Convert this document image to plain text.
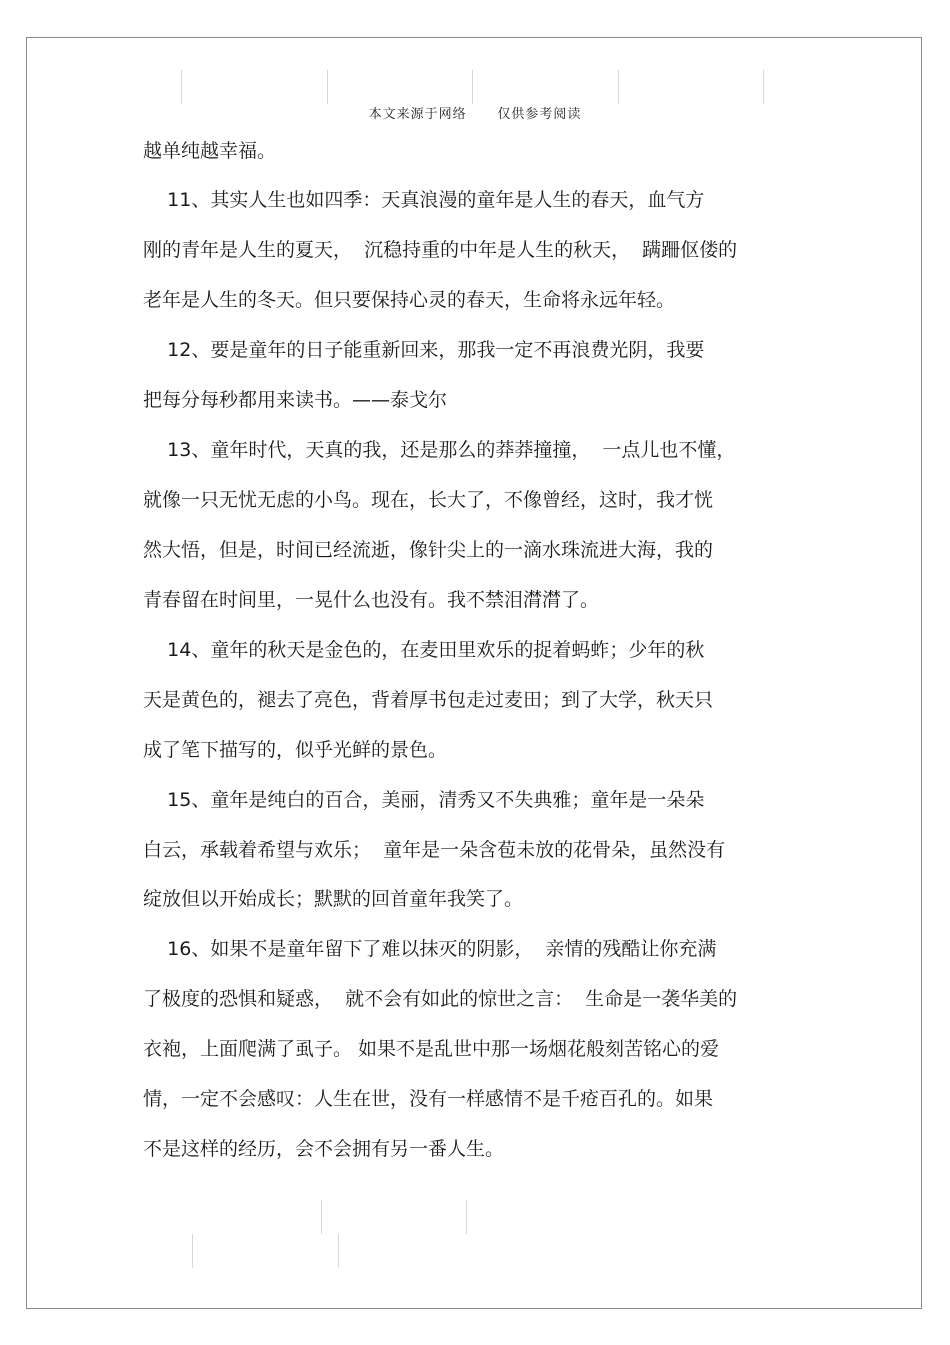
本文来源于网络      仅供参考阅读
越单纯越幸福。
11、其实人生也如四季：天真浪漫的童年是人生的春天，血气方
刚的青年是人生的夏天，  沉稳持重的中年是人生的秋天，  蹒跚伛偻的
老年是人生的冬天。但只要保持心灵的春天，生命将永远年轻。
12、要是童年的日子能重新回来，那我一定不再浪费光阴，我要
把每分每秒都用来读书。——泰戈尔
13、童年时代，天真的我，还是那么的莽莽撞撞，  一点儿也不懂，
就像一只无忧无虑的小鸟。现在，长大了，不像曾经，这时，我才恍
然大悟，但是，时间已经流逝，像针尖上的一滴水珠流进大海，我的
青春留在时间里，一晃什么也没有。我不禁泪潸潸了。
14、童年的秋天是金色的，在麦田里欢乐的捉着蚂蚱；少年的秋
天是黄色的，褪去了亮色，背着厚书包走过麦田；到了大学，秋天只
成了笔下描写的，似乎光鲜的景色。
15、童年是纯白的百合，美丽，清秀又不失典雅；童年是一朵朵
白云，承载着希望与欢乐；  童年是一朵含苞未放的花骨朵，虽然没有
绽放但以开始成长；默默的回首童年我笑了。
16、如果不是童年留下了难以抹灭的阴影，  亲情的残酷让你充满
了极度的恐惧和疑惑，  就不会有如此的惊世之言：  生命是一袭华美的
衣袍，上面爬满了虱子。 如果不是乱世中那一场烟花般刻苦铭心的爱
情，一定不会感叹：人生在世，没有一样感情不是千疮百孔的。如果
不是这样的经历，会不会拥有另一番人生。
